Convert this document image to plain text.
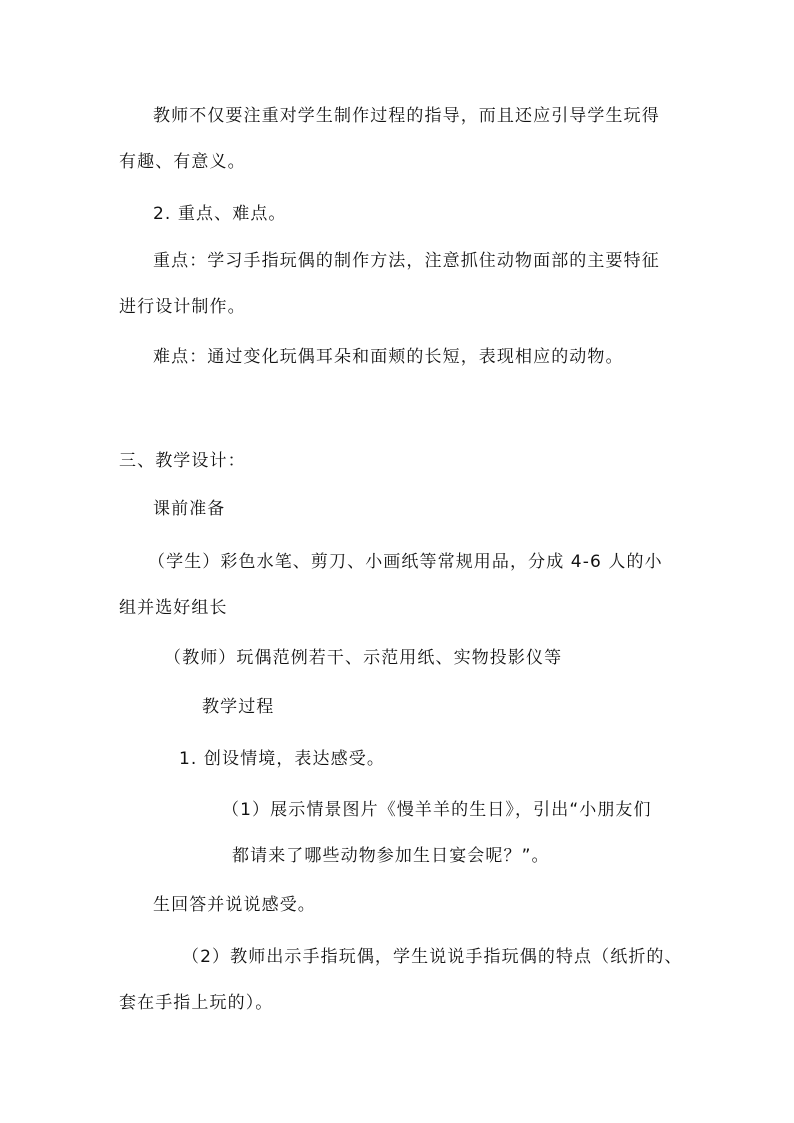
教师不仅要注重对学生制作过程的指导，而且还应引导学生玩得
有趣、有意义。
2. 重点、难点。
重点：学习手指玩偶的制作方法，注意抓住动物面部的主要特征
进行设计制作。
难点：通过变化玩偶耳朵和面颊的长短，表现相应的动物。
三、教学设计：
课前准备
（学生）彩色水笔、剪刀、小画纸等常规用品，分成 4-6 人的小
组并选好组长
（教师）玩偶范例若干、示范用纸、实物投影仪等
教学过程
1. 创设情境，表达感受。
（1）展示情景图片《慢羊羊的生日》，引出“小朋友们
都请来了哪些动物参加生日宴会呢？”。
生回答并说说感受。
（2）教师出示手指玩偶，学生说说手指玩偶的特点（纸折的、
套在手指上玩的）。
